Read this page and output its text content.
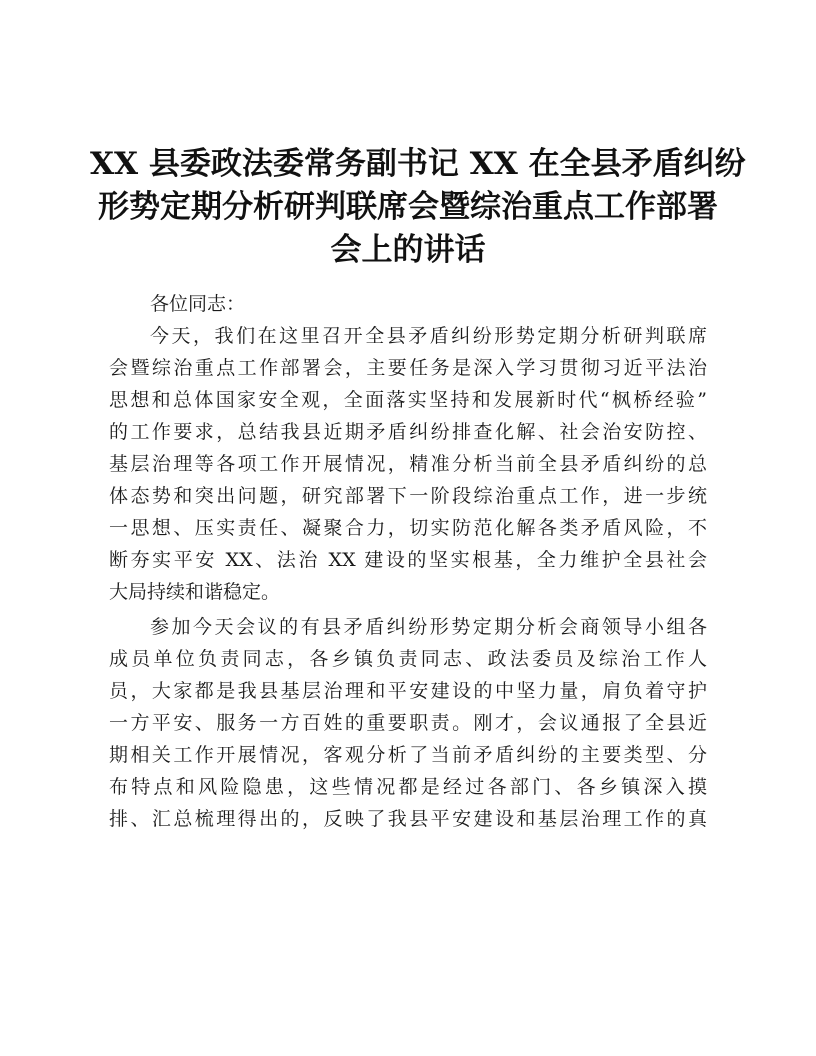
XX 县委政法委常务副书记 XX 在全县矛盾纠纷
形势定期分析研判联席会暨综治重点工作部署
会上的讲话
各位同志：
今天，我们在这里召开全县矛盾纠纷形势定期分析研判联席
会暨综治重点工作部署会，主要任务是深入学习贯彻习近平法治
思想和总体国家安全观，全面落实坚持和发展新时代“枫桥经验”
的工作要求，总结我县近期矛盾纠纷排查化解、社会治安防控、
基层治理等各项工作开展情况，精准分析当前全县矛盾纠纷的总
体态势和突出问题，研究部署下一阶段综治重点工作，进一步统
一思想、压实责任、凝聚合力，切实防范化解各类矛盾风险，不
断夯实平安 XX、法治 XX 建设的坚实根基，全力维护全县社会
大局持续和谐稳定。
参加今天会议的有县矛盾纠纷形势定期分析会商领导小组各
成员单位负责同志，各乡镇负责同志、政法委员及综治工作人
员，大家都是我县基层治理和平安建设的中坚力量，肩负着守护
一方平安、服务一方百姓的重要职责。刚才，会议通报了全县近
期相关工作开展情况，客观分析了当前矛盾纠纷的主要类型、分
布特点和风险隐患，这些情况都是经过各部门、各乡镇深入摸
排、汇总梳理得出的，反映了我县平安建设和基层治理工作的真
